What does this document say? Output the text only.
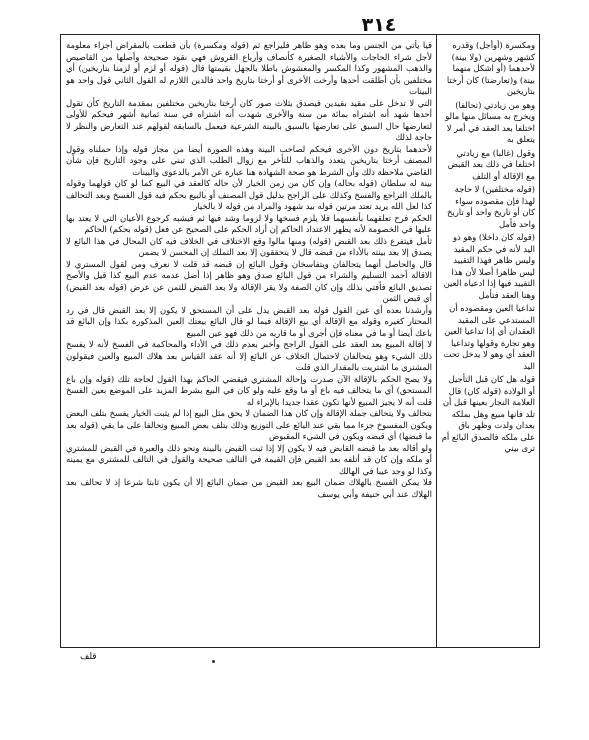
٣١٤

فيا يأتي من الجنس وما بعده وهو ظاهر فليراجع ثم (قوله ومكسرة) بأن قطعت بالمقراض أجزاء معلومة لأجل شراء الحاجات والأشياء الصغيرة كأنصاف وأرباع القروش فهي نقود صحيحة وأصلها من القاصيص والذهب المشهور وكذا المكسر والمغشوش باطلا بالجهل بقيمتها قال (قوله أو لزم أو لزمنا بتاريخين) أي مختلفين بأن أطلقت أحدها وأرخت الأخرى أو أرختا بتاريخ واحد فالدين اللازم له القول الثاني قول واحد هو البينات

التي لا تدخل على مقيد بقيدين فيصدق بثلاث صور كان أرختا بتاريخين مختلفين بمقدمة التاريخ كأن تقول أحدها شهد أنه اشتراه بمائة من سنة والأخرى شهدت أنه اشتراه في سنة ثمانية أشهر فيحكم للأولى لتعارضها حال السبق على تعارضها بالسبق بالبينة الشرعية فيعمل بالسابقة لقولهم عند التعارض والنظر لا حاجة لذلك

لأحدهما بتاريخ دون الأخرى فيحكم لصاحب البينة وهذه الصورة أيضا من مجاز قوله وإذا حملناه وقول المصنف أرختا بتاريخين يتعدد والذهاب للتأخر مع زوال الطلب الذي تبني على وجود التاريخ فإن شأن القاضي ملاحظة ذلك وأن الشرط هو صحة الشهادة هنا عبارة عن الأمر بالدعوى والبينات

بينة له سلطان (قوله بحاله) وإن كان من زمن الخيار لأن حاله كالعقد في البيع كما لو كان قولهما وقوله بالملك التراجع والفسخ وكذلك على الراجح بدليل قول المصنف أو بالبيع بحكم فيه قول الفسخ وبعد التحالف كذا لعل الله يريد تعتد مرتين قوله بيد شهود والمراد من قوله لا بالخيار

الحكم فرح تعلقهما بأنفسهما فلا يلزم فسخها ولا لزوما وشد فيها ثم فيشبه كرجوع الأعيان التي لا يعتد بها عليها في الخصومة لأنه يظهر الاعتداد الحاكم إن أراد الحكم على الصحيح عن فعل (قوله بحكم) الحاكم

ثأمل فيتفرع ذلك بعد القبض (قوله) ومنها مالوا وقع الاختلاف في الخلاف فيه كان المحال في هذا البائع لا يصدق إلا بعد بينته بالأداء من قبضه قال لا يتحققون إلا بعد التملك إن المحسن لا يضمن

قال والحاصل أنهما يتحالفان ويتفاسخان وقول البائع إن قبضه قد قلت لا نعرف ومن لقول المستري لا الاقالة أحمد التسليم والشراء من قول البائع صدق وهو ظاهر إذا أصل عدمه عدم البيع كذا قيل والأصح تصديق البائع فأفتي بذلك وإن كان الصفة ولا يقر الإقالة ولا بعد القبض للثمن عن عرض (قوله بعد القبض) أي قبض الثمن

وأرشدنا بعده أي عين القول قوله بعد القبض يدل على أن المستحق لا يكون إلا بعد القبض قال في رد المحتار كغيره وقوله مع الإقالة أي بيع الإقالة فيما لو قال البائع بيعتك العين المذكورة بكذا وإن البائع قد باعك أيضا أو ما في معناه فإن أجرى أو ما قاربه من ذلك فهو عين المبيع

لا إقالة المبيع بعد العقد على القول الراجح وأخبر بعدم ذلك في الأداء والمحاكمة في الفسخ لأنه لا يفسخ ذلك الشيء وهو يتحالفان لاحتمال الخلاف عن البائع إلا أنه عقد القياس بعد هلاك المبيع والعين فيقولون المشتري ما اشتريت بالمقدار الذي قلت

ولا يصح الحكم بالإقالة الآن صدرت وإحالة المشتري فيقضي الحاكم بهذا القول لحاجة تلك (قوله وإن باع المستحق) أي ما يتحالف فيه باع أو ما وقع عليه ولو كان في البيع بشرط المزيد على الموضع بعين الفسخ قلت أنه لا يجيز المبيع لأنها تكون عقدا جديدا بالإبراء له

بتحالف ولا يتحالف جملة الإقالة وإن كان هذا الضمان لا يحق مثل البيع إذا لم يثبت الخيار يفسخ بتلف البعض ويكون المفسوخ جزءا مما بقي عند البائع على التوزيع وذلك بتلف بعض المبيع وتحالفا على ما بقي (قوله بعد ما قبضها) أي قبضه ويكون في الشيء المقبوض

ولو أقاله بعد ما قبضه القابض فيه لا يكون إلا إذا ثبت القبض بالبينة ونحو ذلك والعبرة في القبض للمشتري أو ملكه وإن كان قد أتلفه بعد القبض فإن القيمة في التالف صحيحة والقول في التالف للمشتري مع يمينه وكذا لو وجد عيبا في الهالك

فلا يمكن الفسخ بالهلاك ضمان البيع بعد القبض من ضمان البائع إلا أن يكون ثابتا شرعا إذ لا تحالف بعد الهلاك عند أبي حنيفة وأبي يوسف

ومكسرة (أوأجل) وقدره كشهر وشهرين (ولا بينة) لأحدهما (أو اشكل منهما بينة) و(تعارضتا) كان أرختا بتاريخين

وهو من زيادتي (تحالفا) ويخرج به مسائل منها مالو اختلفا بعد العقد في أمر لا يتعلق به

وقول (غالبا) مع زيادتي اختلفا في ذلك بعد القبض مع الإقالة أو التلف

(قوله مختلفين) لا حاجة لهذا فإن مقصوده سواء كان أو تاريخ واحد أو تاريخ واحد فأمل

(قوله كان داخلا) وهو ذو اليد لأنه في حكم المقيد وليس ظاهر فهذا التقييد ليس ظاهرا أصلا لأن هذا التقييد فيها إذا ادعياه العين وهنا العقد فتأمل

تداعيا العين ومقصوده أن المستدعي على المقيد العقدان أي إذا تداعيا العين وهو تجارة وقولها وتداعيا العقد أي وهو لا يدخل تحت اليد

قوله هل كان قبل التأجيل أو الولادة (قوله كان) قال العلامة النجار بعينها قبل أن تلد فانها مبيع وهل بملكه بعدان ولدت وظهر باق على ملكه فالصدق البائع أم ترى بيني

قلف
